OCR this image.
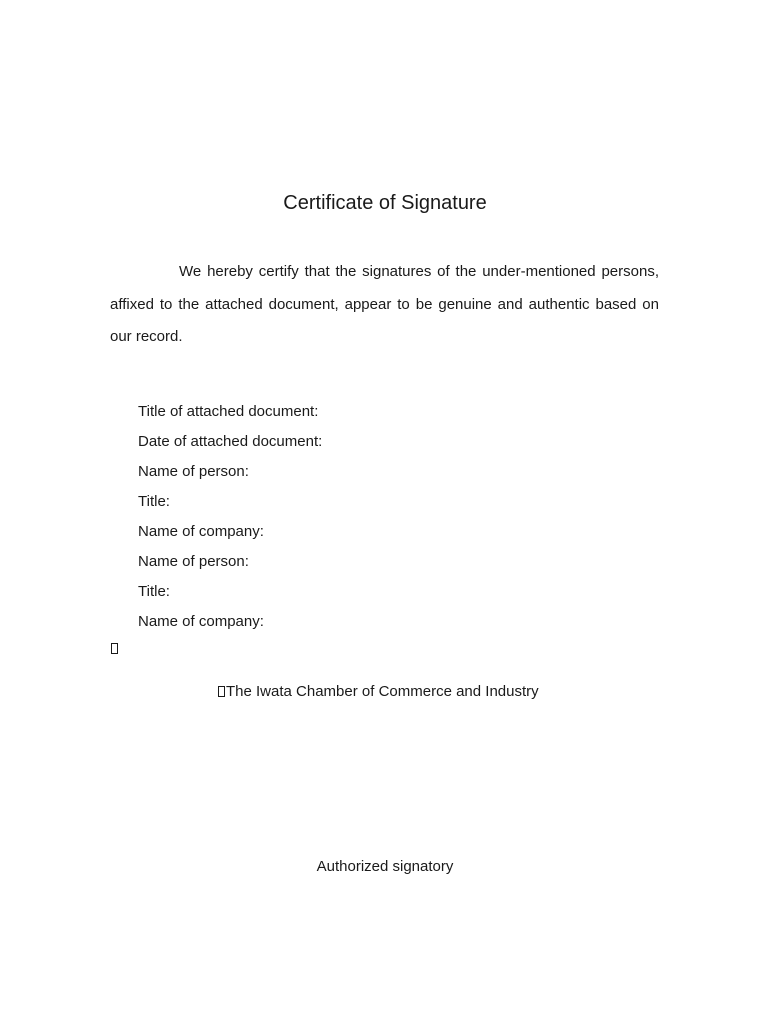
Certificate of Signature

We hereby certify that the signatures of the under-mentioned persons, affixed to the attached document, appear to be genuine and authentic based on our record.

Title of attached document:
Date of attached document:
Name of person:
Title:
Name of company:
Name of person:
Title:
Name of company:
The Iwata Chamber of Commerce and Industry
Authorized signatory
